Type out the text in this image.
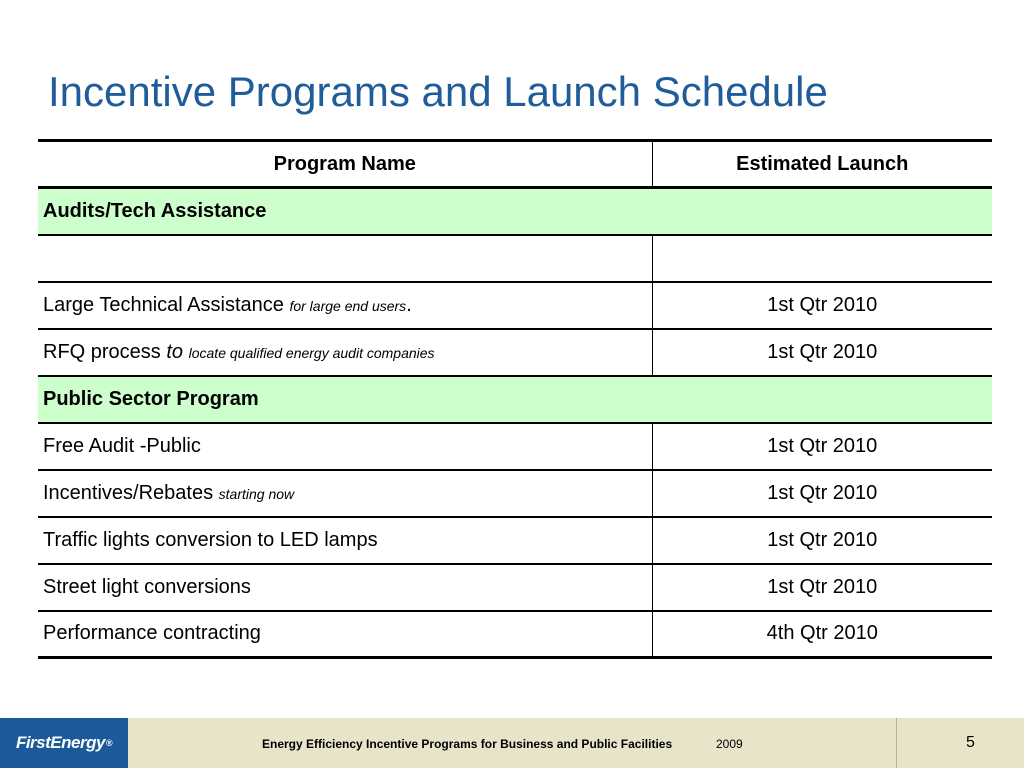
Incentive Programs and Launch Schedule
Program Name	Estimated Launch
Audits/Tech Assistance	

Large Technical Assistance for large end users.	1st Qtr 2010
RFQ process to locate qualified energy audit companies	1st Qtr 2010
Public Sector Program	
Free Audit -Public	1st Qtr 2010
Incentives/Rebates starting now	1st Qtr 2010
Traffic lights conversion to LED lamps	1st Qtr 2010
Street light conversions	1st Qtr 2010
Performance contracting	4th Qtr 2010
FirstEnergy ®	Energy Efficiency Incentive Programs for Business and Public Facilities	2009	5
